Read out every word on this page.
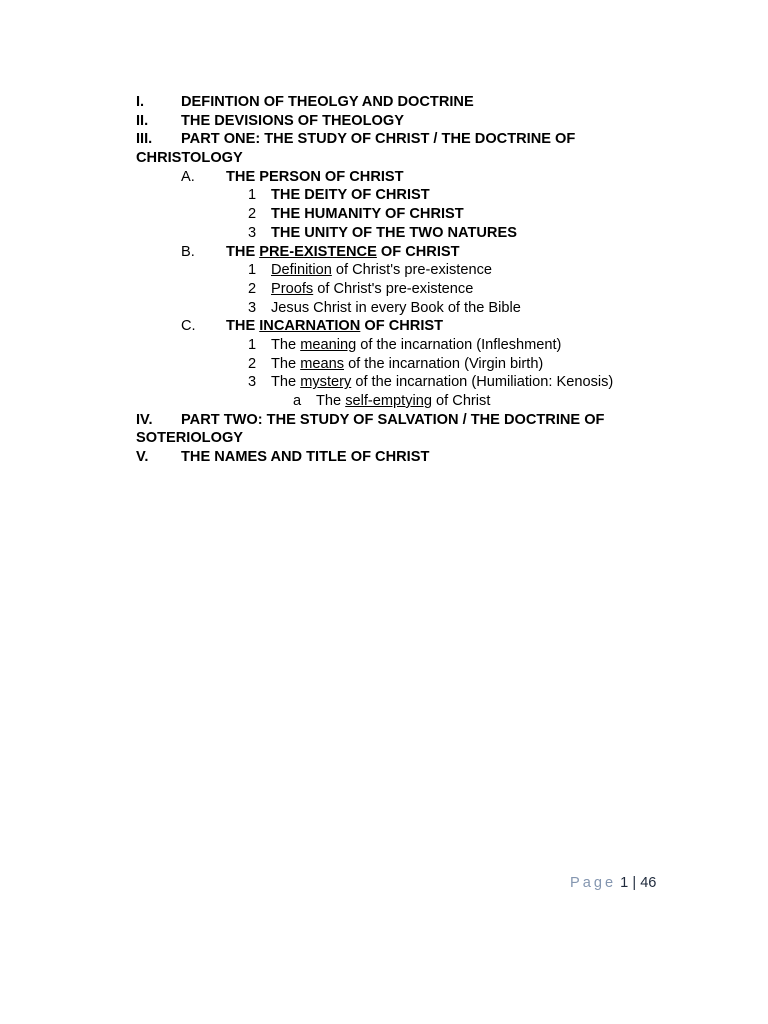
I.	DEFINTION OF THEOLGY AND DOCTRINE
II. THE DEVISIONS OF THEOLOGY
III. PART ONE: THE STUDY OF CHRIST / THE DOCTRINE OF
CHRISTOLOGY
A. THE PERSON OF CHRIST
1 THE DEITY OF CHRIST
2 THE HUMANITY OF CHRIST
3 THE UNITY OF THE TWO NATURES
B. THE PRE-EXISTENCE OF CHRIST
1 Definition of Christ's pre-existence
2 Proofs of Christ's pre-existence
3 Jesus Christ in every Book of the Bible
C. THE INCARNATION OF CHRIST
1 The meaning of the incarnation (Infleshment)
2 The means of the incarnation (Virgin birth)
3 The mystery of the incarnation (Humiliation: Kenosis)
a The self-emptying of Christ
IV. PART TWO: THE STUDY OF SALVATION / THE DOCTRINE OF
SOTERIOLOGY
V. THE NAMES AND TITLE OF CHRIST
Page 1 | 46
